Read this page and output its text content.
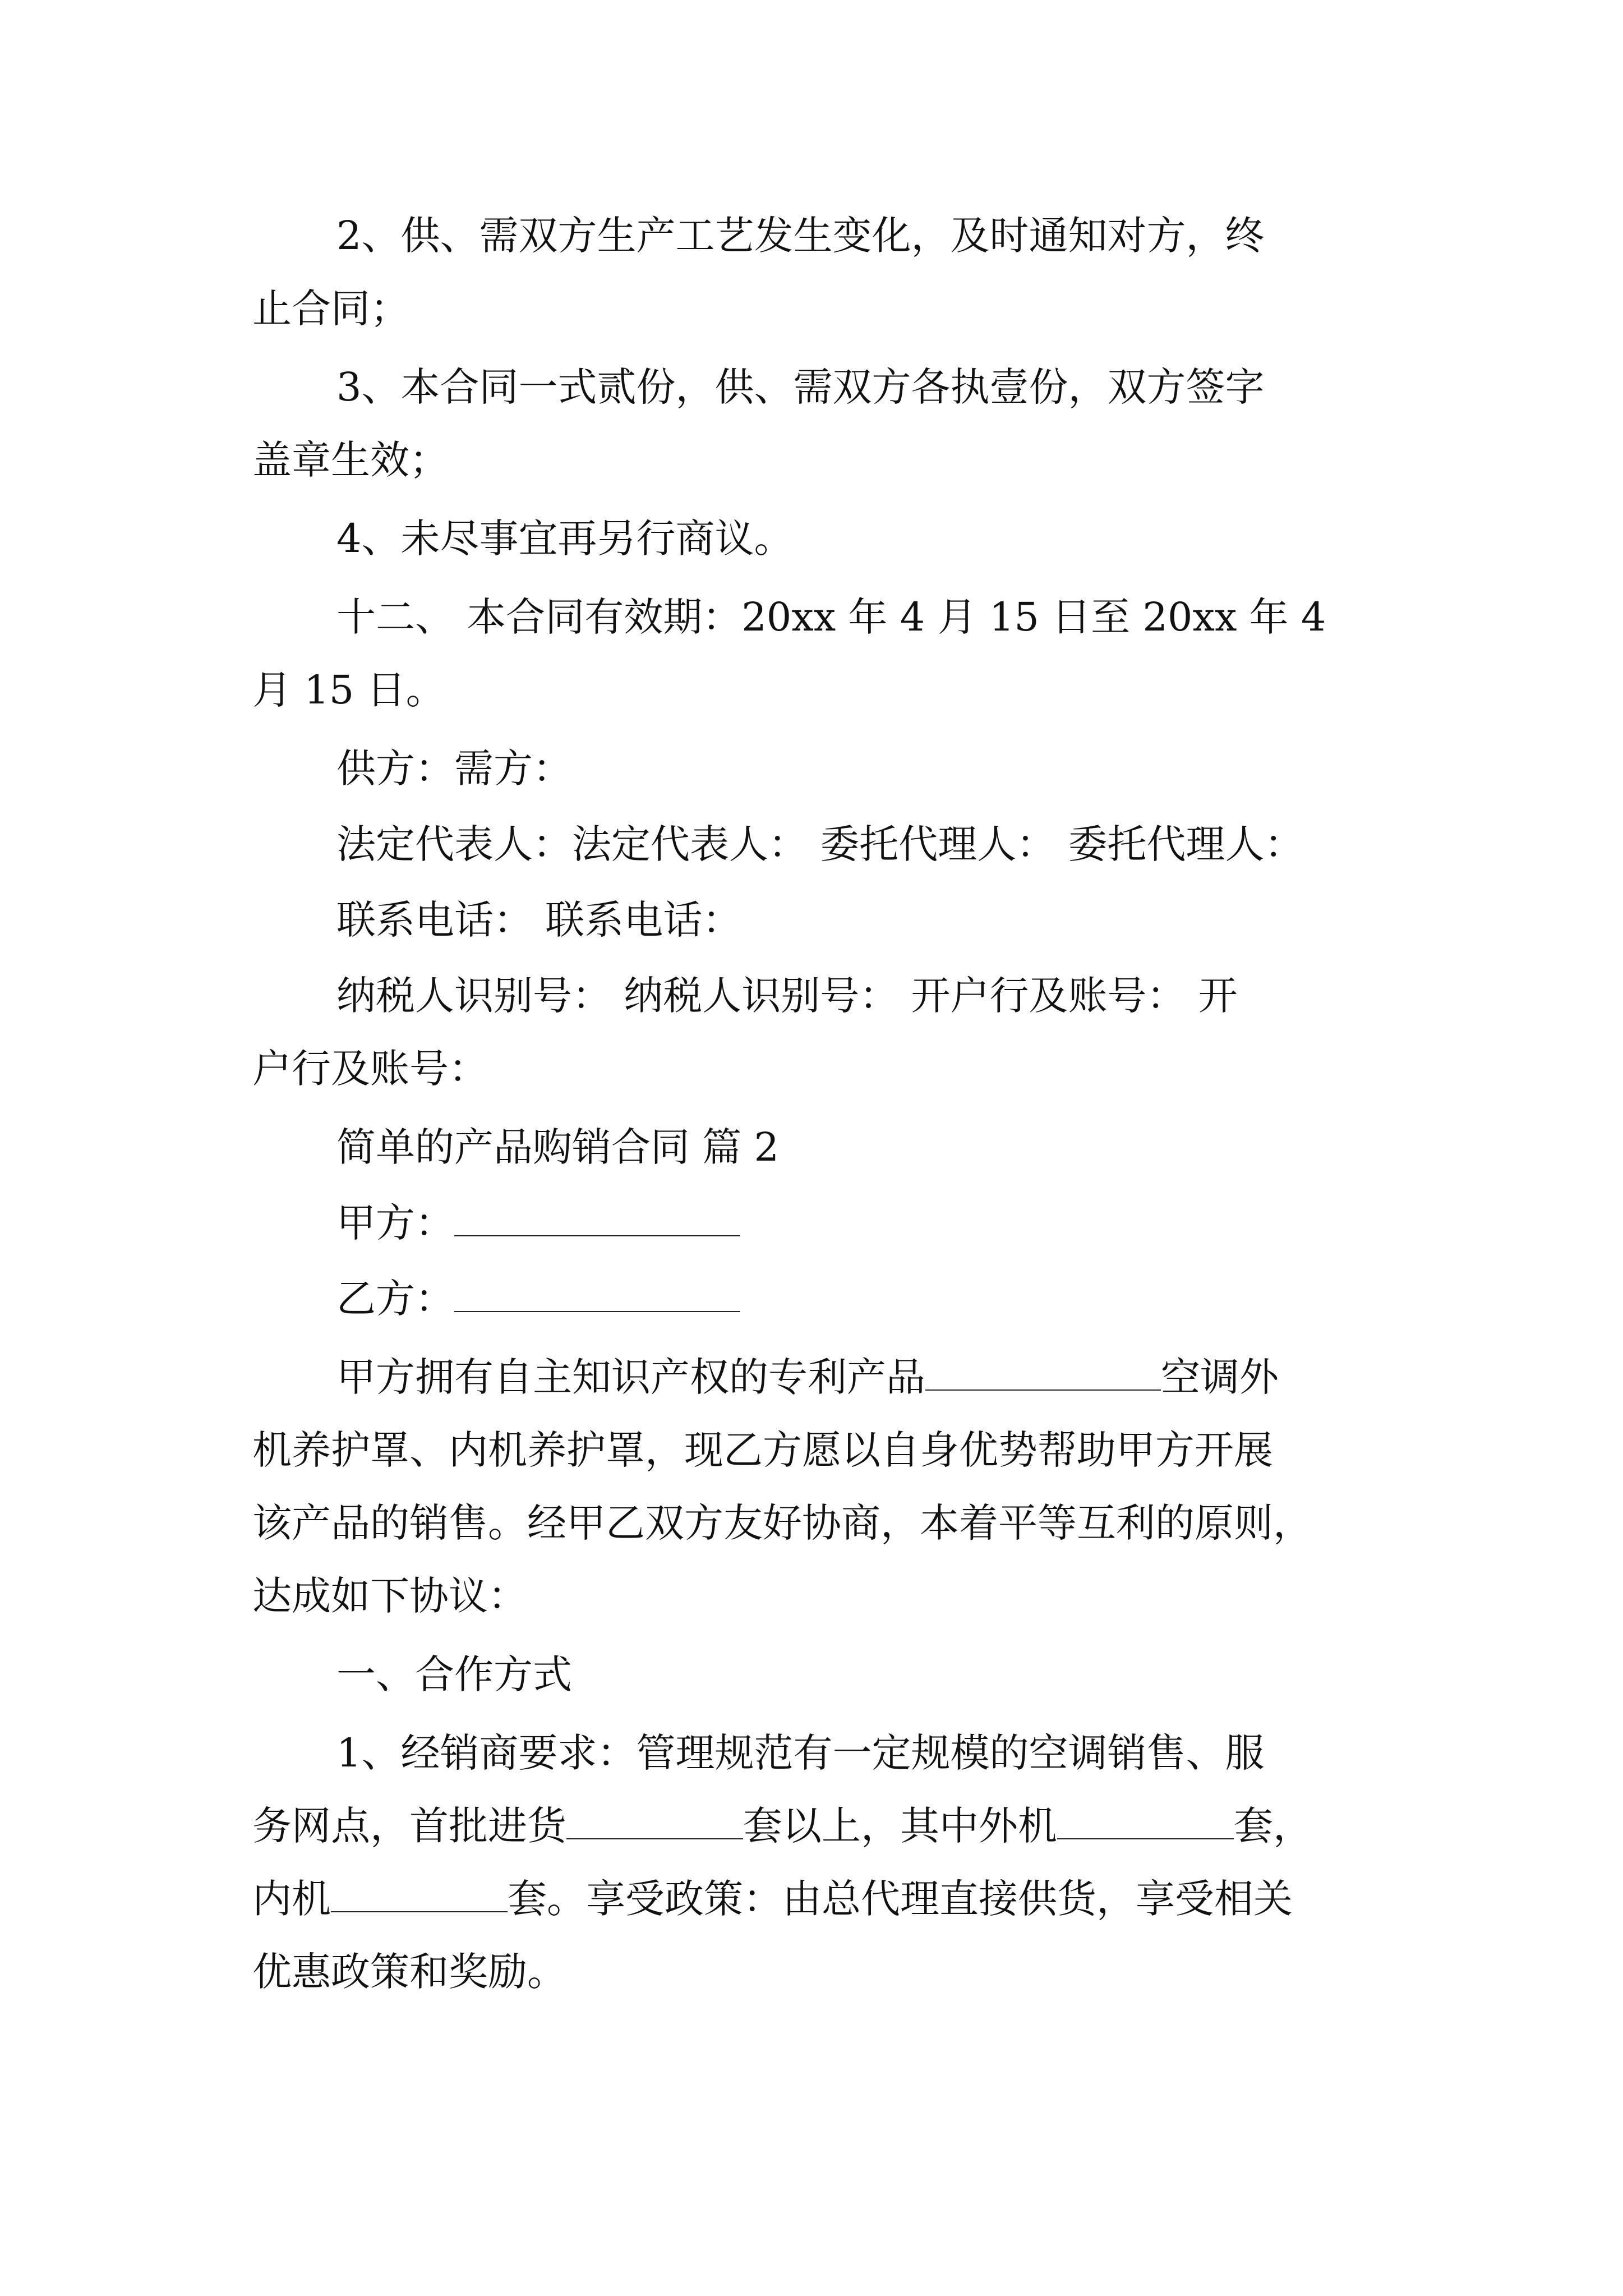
2、供、需双方生产工艺发生变化，及时通知对方，终
止合同；
3、本合同一式贰份，供、需双方各执壹份，双方签字
盖章生效；
4、未尽事宜再另行商议。
十二、 本合同有效期：20xx 年 4 月 15 日至 20xx 年 4
月 15 日。
供方：需方：
法定代表人：法定代表人： 委托代理人： 委托代理人：
联系电话： 联系电话：
纳税人识别号： 纳税人识别号： 开户行及账号： 开
户行及账号：
简单的产品购销合同 篇 2
甲方：
乙方：
甲方拥有自主知识产权的专利产品	空调外
机养护罩、内机养护罩，现乙方愿以自身优势帮助甲方开展
该产品的销售。经甲乙双方友好协商，本着平等互利的原则，
达成如下协议：
一、合作方式
1、经销商要求：管理规范有一定规模的空调销售、服
务网点，首批进货	套以上，其中外机	套，
内机	套。享受政策：由总代理直接供货，享受相关
优惠政策和奖励。
